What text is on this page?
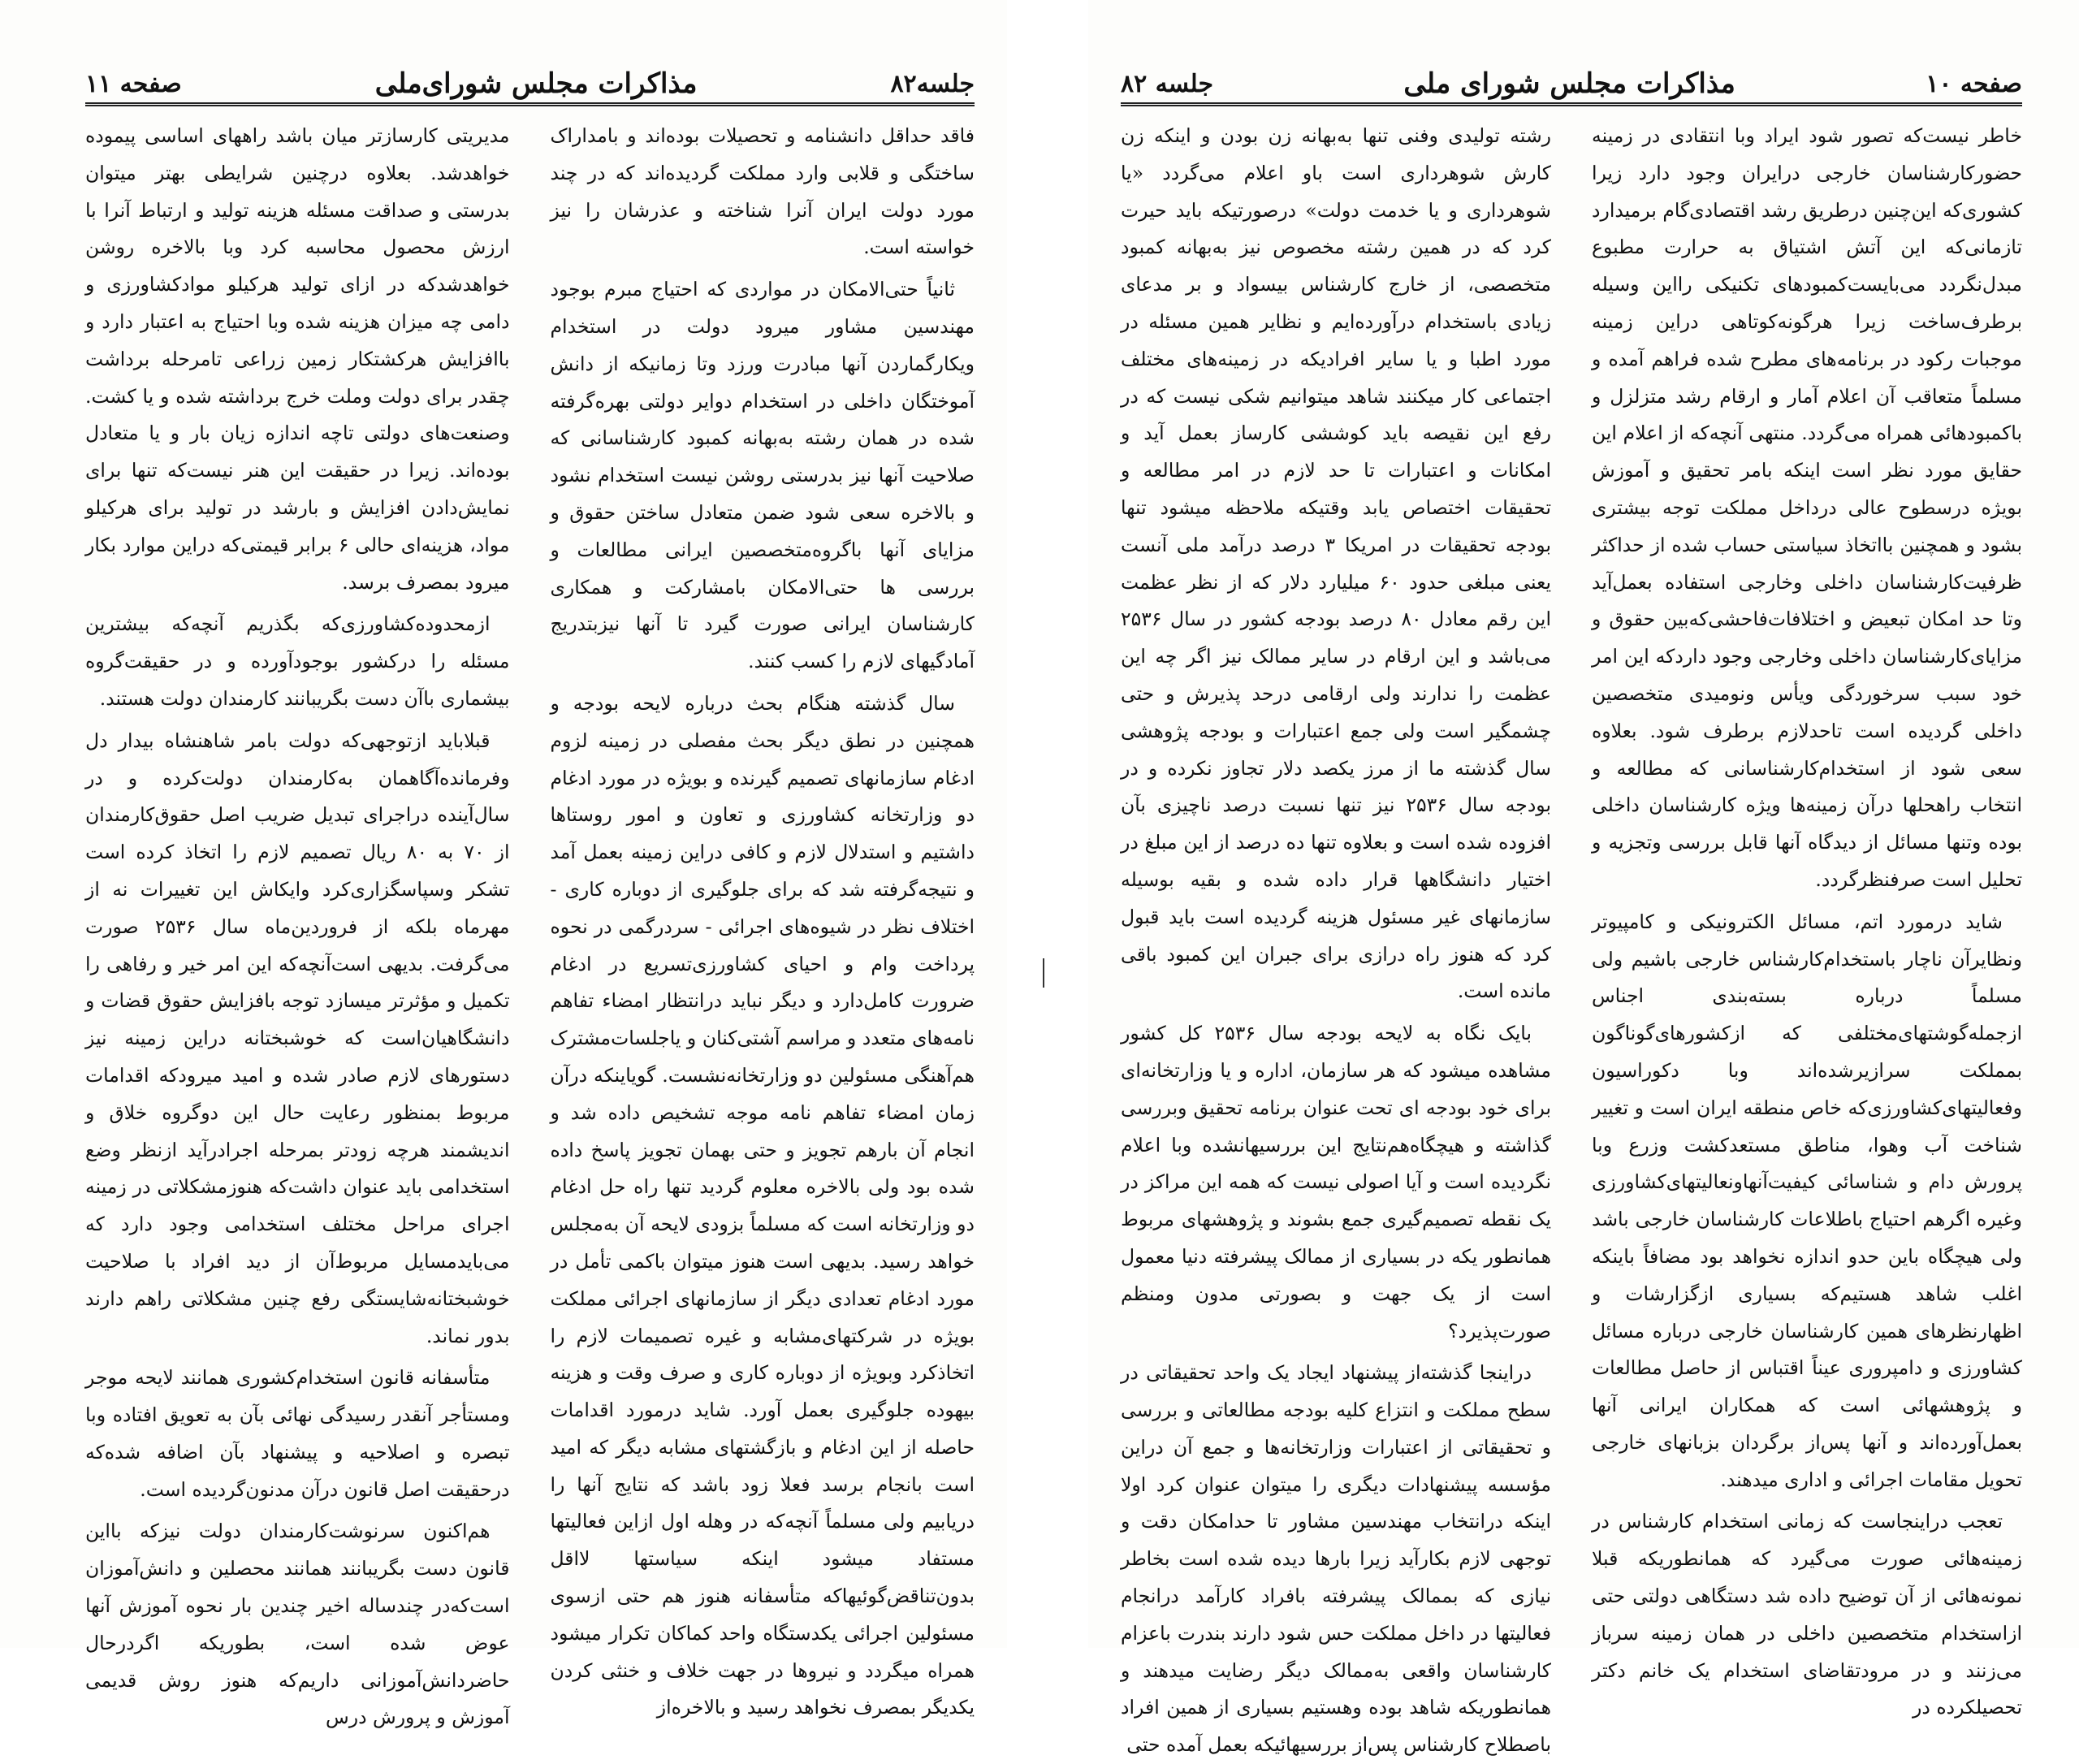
جلسه۸۲
مذاکرات مجلس شورای‌ملی
صفحه ۱۱

فاقد حداقل دانشنامه و تحصیلات بوده‌اند و بامداراک ساختگی و قلابی وارد مملکت گردیده‌اند که در چند مورد دولت ایران آنرا شناخته و عذرشان را نیز خواسته است.

ثانیاً حتی‌الامکان در مواردی که احتیاج مبرم بوجود مهندسین مشاور میرود دولت در استخدام ویکارگماردن آنها مبادرت ورزد وتا زمانیکه از دانش آموختگان داخلی در استخدام دوایر دولتی بهره‌گرفته شده در همان رشته به‌بهانه کمبود کارشناسانی که صلاحیت آنها نیز بدرستی روشن نیست استخدام نشود و بالاخره سعی شود ضمن متعادل ساختن حقوق و مزایای آنها باگروه‌متخصصین ایرانی مطالعات و بررسی ها حتی‌الامکان بامشارکت و همکاری کارشناسان ایرانی صورت گیرد تا آنها نیزبتدریج آمادگیهای لازم را کسب کنند.

سال گذشته هنگام بحث درباره لایحه بودجه و همچنین در نطق دیگر بحث مفصلی در زمینه لزوم ادغام سازمانهای تصمیم گیرنده و بویژه در مورد ادغام دو وزارتخانه کشاورزی و تعاون و امور روستاها داشتیم و استدلال لازم و کافی دراین زمینه بعمل آمد و نتیجه‌گرفته شد که برای جلوگیری از دوباره کاری - اختلاف نظر در شیوه‌های اجرائی - سردرگمی در نحوه پرداخت وام و احیای کشاورزی‌تسریع در ادغام ضرورت کامل‌دارد و دیگر نباید درانتظار امضاء تفاهم نامه‌های متعدد و مراسم آشتی‌کنان و یاجلسات‌مشترک هم‌آهنگی مسئولین دو وزارتخانه‌نشست. گویاینکه درآن زمان امضاء تفاهم نامه موجه تشخیص داده شد و انجام آن بارهم تجویز و حتی بهمان تجویز پاسخ داده شده بود ولی بالاخره معلوم گردید تنها راه حل ادغام دو وزارتخانه است که مسلماً بزودی لایحه آن به‌مجلس خواهد رسید. بدیهی است هنوز میتوان باکمی تأمل در مورد ادغام تعدادی دیگر از سازمانهای اجرائی مملکت بویژه در شرکتهای‌مشابه و غیره تصمیمات لازم را اتخاذکرد وبویژه از دوباره کاری و صرف وقت و هزینه بیهوده جلوگیری بعمل آورد. شاید درمورد اقدامات حاصله از این ادغام و بازگشتهای مشابه دیگر که امید است بانجام برسد فعلا زود باشد که نتایج آنها را دریابیم ولی مسلماً آنچه‌که در وهله اول ازاین فعالیتها مستفاد میشود اینکه سیاستها لااقل بدون‌تناقض‌گوئیها‌که متأسفانه هنوز هم حتی ازسوی مسئولین اجرائی یکدستگاه واحد کماکان تکرار میشود همراه میگردد و نیروها در جهت خلاف و خنثی کردن یکدیگر بمصرف نخواهد رسید و بالاخره‌از

مدیریتی کارسازتر میان باشد راههای اساسی پیموده خواهدشد. بعلاوه درچنین شرایطی بهتر میتوان بدرستی و صداقت مسئله هزینه تولید و ارتباط آنرا با ارزش محصول محاسبه کرد وبا بالاخره روشن خواهدشدکه در ازای تولید هرکیلو موادکشاورزی و دامی چه میزان هزینه شده وبا احتیاج به اعتبار دارد و باافزایش هرکشتکار زمین زراعی تامرحله برداشت چقدر برای دولت وملت خرج برداشته شده و یا کشت. وصنعت‌های دولتی تاچه اندازه زیان بار و یا متعادل بوده‌اند. زیرا در حقیقت این هنر نیست‌که تنها برای نمایش‌دادن افزایش و بارشد در تولید برای هرکیلو مواد، هزینه‌ای حالی ۶ برابر قیمتی‌که دراین موارد بکار میرود بمصرف برسد.

ازمحدوده‌کشاورزی‌که بگذریم آنچه‌که بیشترین مسئله را درکشور بوجودآورده و در حقیقت‌گروه بیشماری باآن دست بگریبانند کارمندان دولت هستند.

قبلاباید ازتوجهی‌که دولت بامر شاهنشاه بیدار دل وفرمانده‌آگاهمان به‌کارمندان دولت‌کرده و در سال‌آینده دراجرای تبدیل ضریب اصل حقوق‌کارمندان از ۷۰ به ۸۰ ریال تصمیم لازم را اتخاذ کرده است تشکر وسپاسگزاری‌کرد وایکاش این تغییرات نه از مهرماه بلکه از فروردین‌ماه سال ۲۵۳۶ صورت می‌گرفت. بدیهی است‌آنچه‌که این امر خیر و رفاهی را تکمیل و مؤثرتر میسازد توجه بافزایش حقوق قضات و دانشگاهیان‌است که خوشبختانه دراین زمینه نیز دستورهای لازم صادر شده و امید میرود‌که اقدامات مربوط بمنظور رعایت حال این دوگروه خلاق و اندیشمند هرچه زودتر بمرحله اجرادرآید ازنظر وضع استخدامی باید عنوان داشت‌که هنوزمشکلاتی در زمینه اجرای مراحل مختلف استخدامی وجود دارد که می‌بایدمسایل مربوط‌آن از دید افراد با صلاحیت خوشبختانه‌شایستگی رفع چنین مشکلاتی راهم دارند بدور نماند.

متأسفانه قانون استخدام‌کشوری همانند لایحه موجر ومستأجر آنقدر رسیدگی نهائی بآن به تعویق افتاده وبا تبصره و اصلاحیه و پیشنهاد بآن اضافه شده‌که درحقیقت اصل قانون درآن مدنون‌گردیده است.

هم‌اکنون سرنوشت‌کارمندان دولت نیز‌که بااین قانون دست بگریبانند همانند محصلین و دانش‌آموزان است‌که‌در چندساله اخیر چندین بار نحوه آموزش آنها عوض شده است، بطوریکه اگردرحال حاضردانش‌آموزانی داریم‌که هنوز روش قدیمی آموزش و پرورش درس

صفحه ۱۰
مذاکرات مجلس شورای ملی
جلسه ۸۲

خاطر نیست‌که تصور شود ایراد وبا انتقادی در زمینه حضورکارشناسان خارجی درایران وجود دارد زیرا کشوری‌که این‌چنین درطریق رشد اقتصادی‌گام برمیدارد تازمانی‌که این آتش اشتیاق به حرارت مطبوع مبدل‌نگردد می‌بایست‌کمبودهای تکنیکی رااین وسیله برطرف‌ساخت زیرا هرگونه‌کوتاهی دراین زمینه موجبات رکود در برنامه‌های مطرح شده فراهم آمده و مسلماً متعاقب آن اعلام آمار و ارقام رشد متزلزل و باکمبودهائی همراه می‌گردد. منتهی آنچه‌که از اعلام این حقایق مورد نظر است اینکه بامر تحقیق و آموزش بویژه درسطوح عالی درداخل مملکت توجه بیشتری بشود و همچنین بااتخاذ سیاستی حساب شده از حداکثر ظرفیت‌کارشناسان داخلی وخارجی استفاده بعمل‌آید وتا حد امکان تبعیض و اختلافات‌فاحشی‌که‌بین حقوق و مزایای‌کارشناسان داخلی وخارجی وجود دارد‌که این امر خود سبب سرخوردگی ویأس ونومیدی متخصصین داخلی گردیده است تاحدلازم برطرف شود. بعلاوه سعی شود از استخدام‌کارشناسانی که مطالعه و انتخاب راهحلها درآن زمینه‌ها ویژه کارشناسان داخلی بوده وتنها مسائل از دیدگاه آنها قابل بررسی وتجزیه و تحلیل است صرفنظرگردد.

شاید درمورد اتم، مسائل الکترونیکی و کامپیوتر ونظایرآن ناچار باستخدام‌کارشناس خارجی باشیم ولی مسلماً درباره بسته‌بندی اجناس ازجمله‌گوشتهای‌مختلفی که ازکشورهای‌گوناگون بمملکت سرازیرشده‌اند وبا دکوراسیون وفعالیتهای‌کشاورزی‌که خاص منطقه ایران است و تغییر شناخت آب وهوا، مناطق مستعدکشت وزرع وبا پرورش دام و شناسائی کیفیت‌آنهاونعالیتهای‌کشاورزی وغیره اگرهم احتیاج باطلاعات کارشناسان خارجی باشد ولی هیچگاه باین حدو اندازه نخواهد بود مضافاً باینکه اغلب شاهد هستیم‌که بسیاری ازگزارشات و اظهارنظرهای همین کارشناسان خارجی درباره مسائل کشاورزی و دامپروری عیناً اقتباس از حاصل مطالعات و پژوهشهائی است که همکاران ایرانی آنها بعمل‌آورده‌اند و آنها پس‌از برگردان بزبانهای خارجی تحویل مقامات اجرائی و اداری میدهند.

تعجب دراینجاست که زمانی استخدام کارشناس در زمینه‌هائی صورت می‌گیرد که همانطوریکه قبلا نمونه‌هائی از آن توضیح داده شد دستگاهی دولتی حتی ازاستخدام متخصصین داخلی در همان زمینه سرباز می‌زنند و در مرودتقاضای استخدام یک خانم دکتر تحصیلکرده در

رشته تولیدی وفنی تنها به‌بهانه زن بودن و اینکه زن کارش شوهرداری است باو اعلام می‌گردد «یا شوهرداری و یا خدمت دولت» درصورتیکه باید حیرت کرد که در همین رشته مخصوص نیز به‌بهانه کمبود متخصصی، از خارج کارشناس بیسواد و بر مدعای زیادی باستخدام درآورده‌ایم و نظایر همین مسئله در مورد اطبا و یا سایر افرادیکه در زمینه‌های مختلف اجتماعی کار میکنند شاهد میتوانیم شکی نیست که در رفع این نقیصه باید کوششی کارساز بعمل آید و امکانات و اعتبارات تا حد لازم در امر مطالعه و تحقیقات اختصاص یابد وقتیکه ملاحظه میشود تنها بودجه تحقیقات در امریکا ۳ درصد درآمد ملی آنست یعنی مبلغی حدود ۶۰ میلیارد دلار که از نظر عظمت این رقم معادل ۸۰ درصد بودجه کشور در سال ۲۵۳۶ می‌باشد و این ارقام در سایر ممالک نیز اگر چه این عظمت را ندارند ولی ارقامی درحد پذیرش و حتی چشمگیر است ولی جمع اعتبارات و بودجه پژوهشی سال گذشته ما از مرز یکصد دلار تجاوز نکرده و در بودجه سال ۲۵۳۶ نیز تنها نسبت درصد ناچیزی بآن افزوده شده است و بعلاوه تنها ده درصد از این مبلغ در اختیار دانشگاهها قرار داده شده و بقیه بوسیله سازمانهای غیر مسئول هزینه گردیده است باید قبول کرد که هنوز راه درازی برای جبران این کمبود باقی مانده است.

بایک نگاه به لایحه بودجه سال ۲۵۳۶ کل کشور مشاهده میشود که هر سازمان، اداره و یا وزارتخانه‌ای برای خود بودجه ای تحت عنوان برنامه تحقیق وبررسی گذاشته و هیچگاه‌هم‌نتایج این بررسیهانشده وبا اعلام نگردیده است و آیا اصولی نیست که همه این مراکز در یک نقطه تصمیم‌گیری جمع بشوند و پژوهشهای مربوط همانطور یکه در بسیاری از ممالک پیشرفته دنیا معمول است از یک جهت و بصورتی مدون ومنظم صورت‌پذیرد؟

دراینجا گذشته‌از پیشنهاد ایجاد یک واحد تحقیقاتی در سطح مملکت و انتزاع کلیه بودجه مطالعاتی و بررسی و تحقیقاتی از اعتبارات وزارتخانه‌ها و جمع آن دراین مؤسسه پیشنهادات دیگری را میتوان عنوان کرد اولا اینکه درانتخاب مهندسین مشاور تا حدامکان دقت و توجهی لازم بکارآید زیرا بارها دیده شده است بخاطر نیازی که بممالک پیشرفته بافراد کارآمد درانجام فعالیتها در داخل مملکت حس شود دارند بندرت باعزام کارشناسان واقعی به‌ممالک دیگر رضایت میدهند و همانطوریکه شاهد بوده وهستیم بسیاری از همین افراد باصطلاح کارشناس پس‌از بررسیهائیکه بعمل آمده حتی
